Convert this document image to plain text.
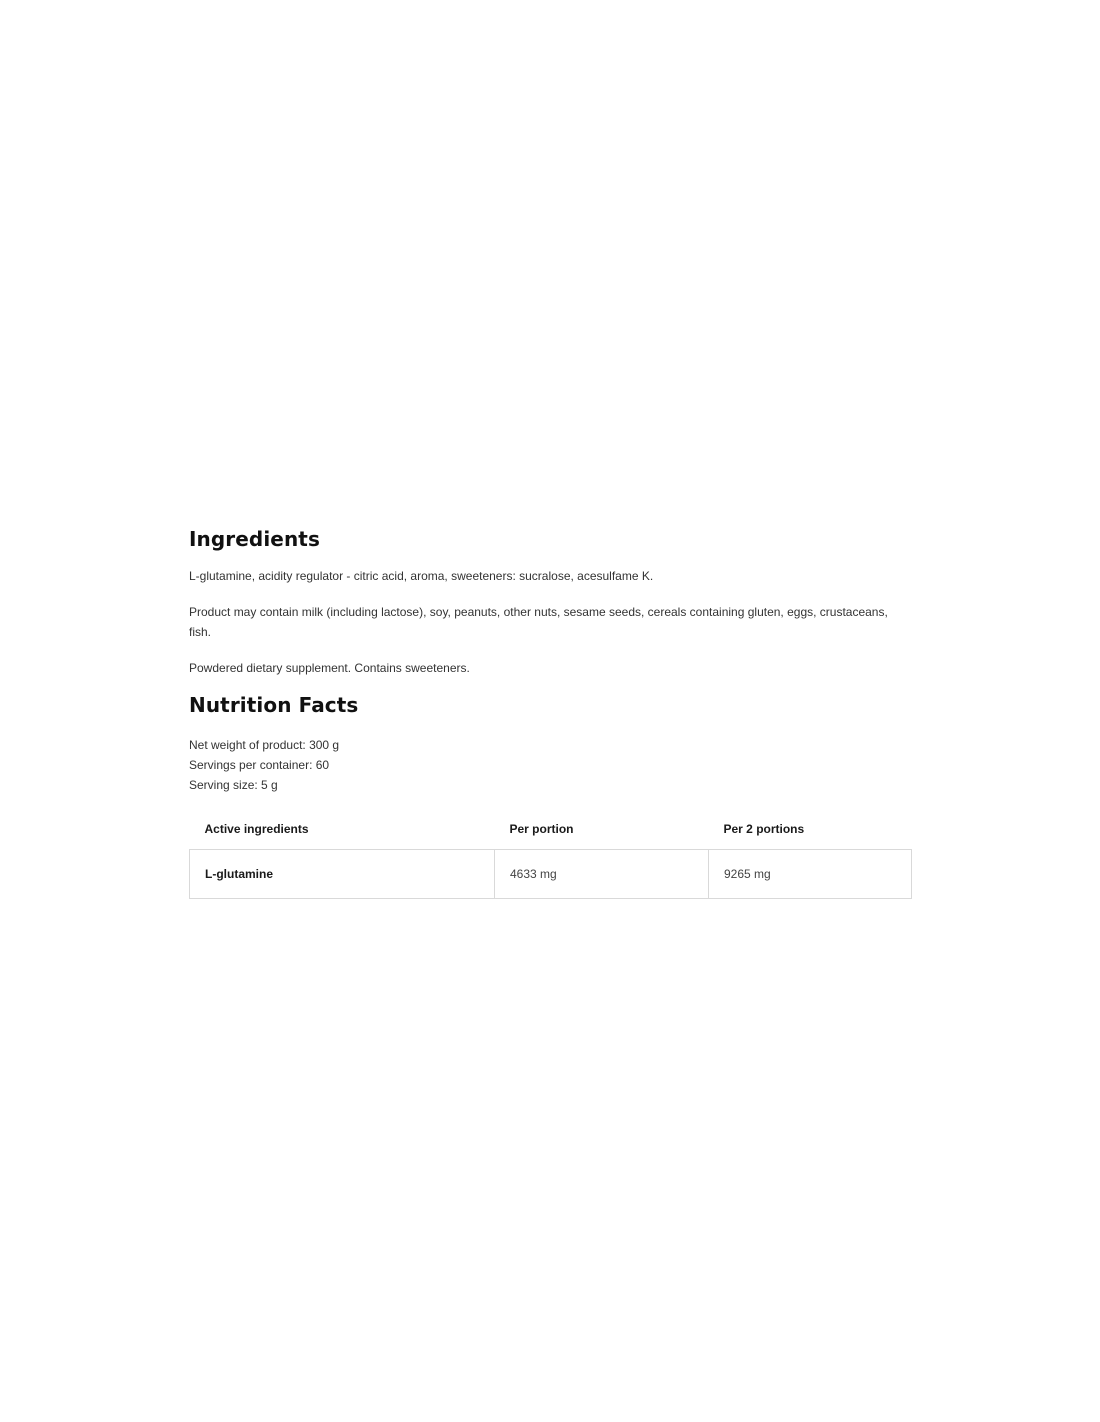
Ingredients

L-glutamine, acidity regulator - citric acid, aroma, sweeteners: sucralose, acesulfame K.

Product may contain milk (including lactose), soy, peanuts, other nuts, sesame seeds, cereals containing gluten, eggs, crustaceans, fish.

Powdered dietary supplement. Contains sweeteners.

Nutrition Facts
Net weight of product: 300 g
Servings per container: 60
Serving size: 5 g
Active ingredients	Per portion	Per 2 portions
L-glutamine	4633 mg	9265 mg
